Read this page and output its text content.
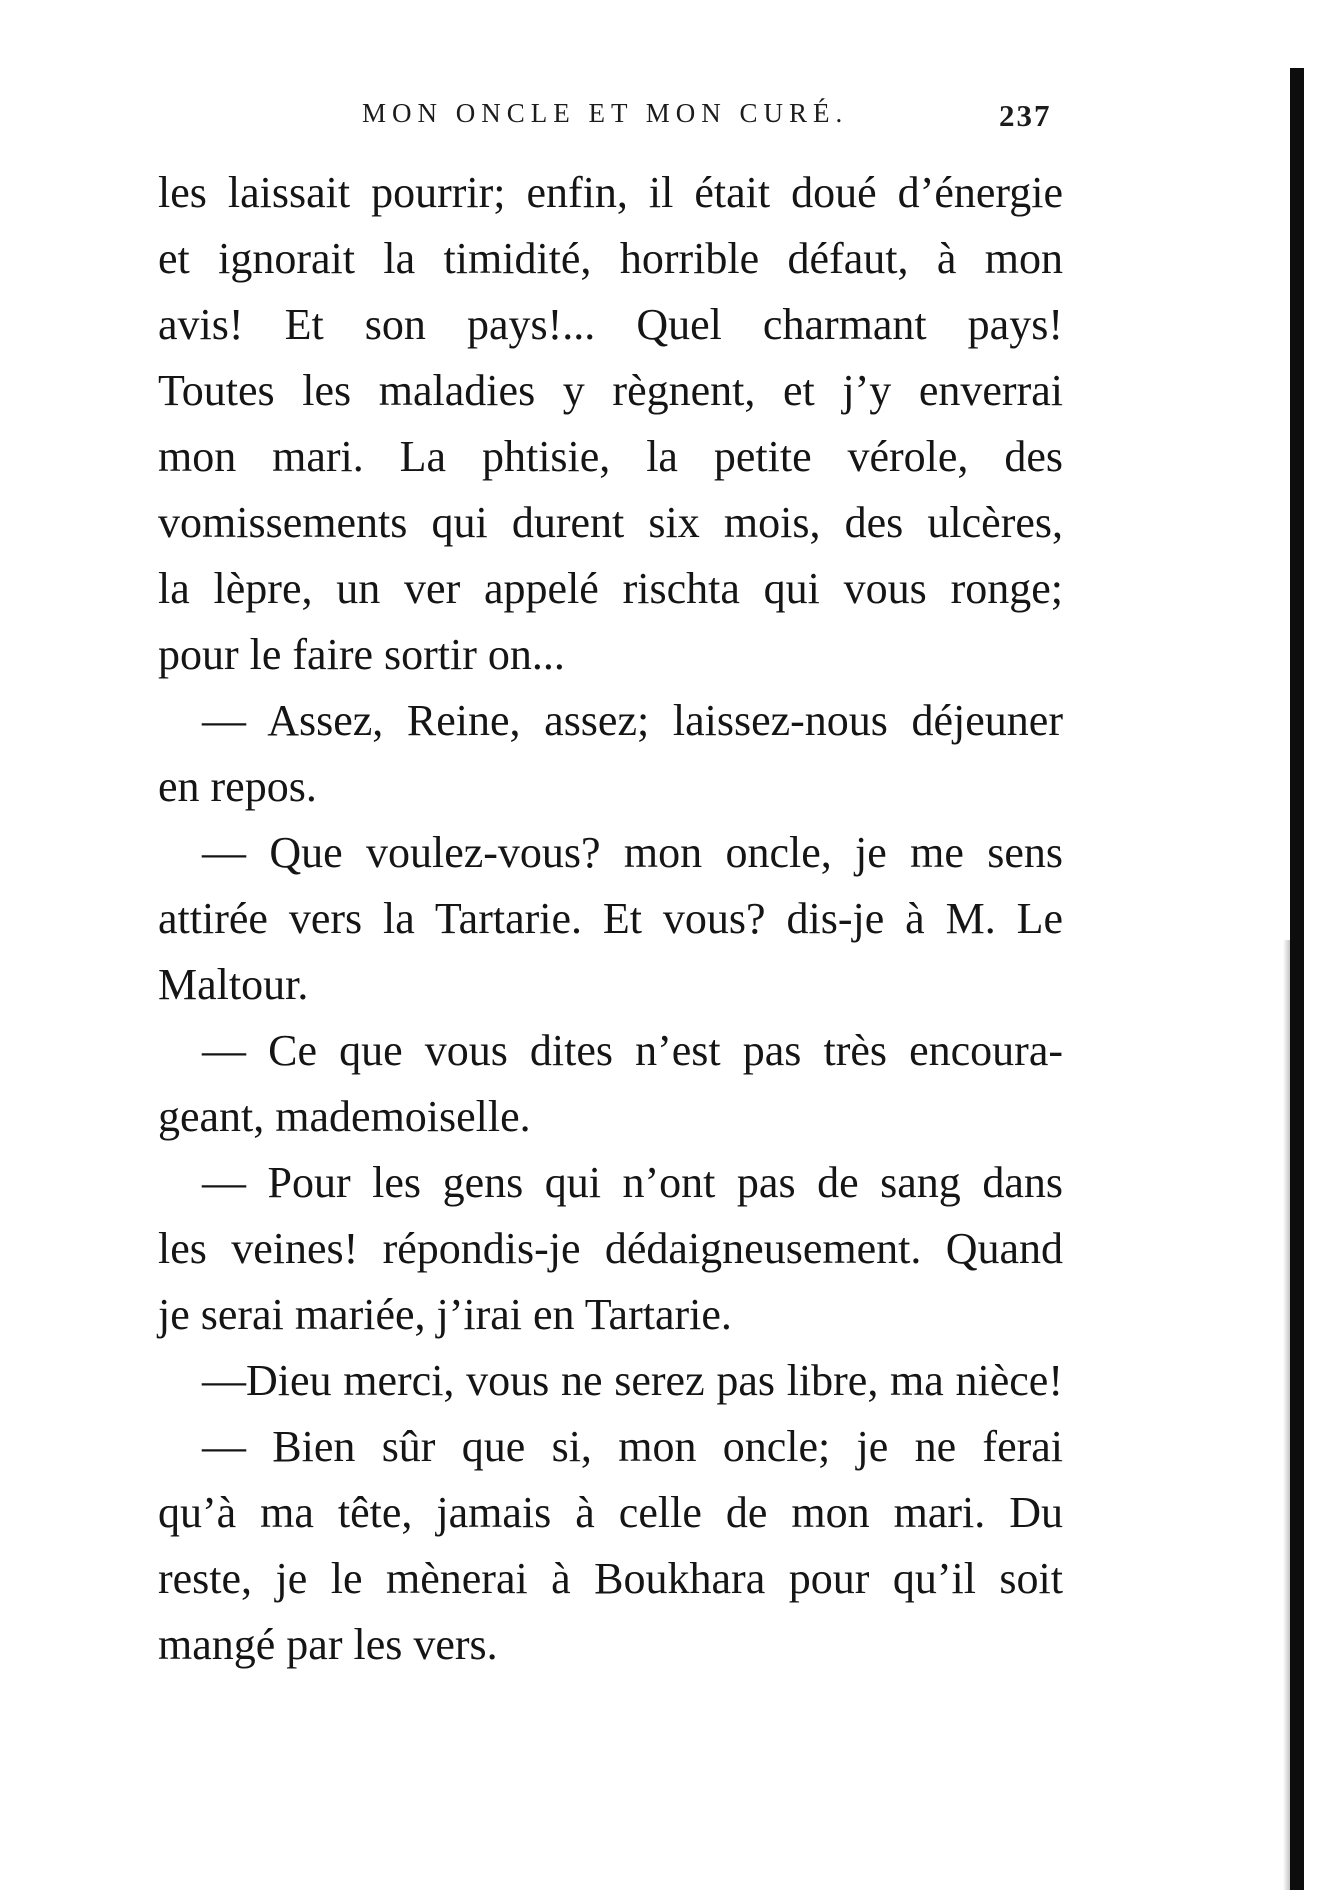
MON ONCLE ET MON CURÉ.	237
les laissait pourrir; enfin, il était doué d’énergie
et ignorait la timidité, horrible défaut, à mon
avis! Et son pays!... Quel charmant pays!
Toutes les maladies y règnent, et j’y enverrai
mon mari. La phtisie, la petite vérole, des
vomissements qui durent six mois, des ulcères,
la lèpre, un ver appelé rischta qui vous ronge;
pour le faire sortir on...
— Assez, Reine, assez; laissez-nous déjeuner
en repos.
— Que voulez-vous? mon oncle, je me sens
attirée vers la Tartarie. Et vous? dis-je à M. Le
Maltour.
— Ce que vous dites n’est pas très encoura-
geant, mademoiselle.
— Pour les gens qui n’ont pas de sang dans
les veines! répondis-je dédaigneusement. Quand
je serai mariée, j’irai en Tartarie.
—Dieu merci, vous ne serez pas libre, ma nièce!
— Bien sûr que si, mon oncle; je ne ferai
qu’à ma tête, jamais à celle de mon mari. Du
reste, je le mènerai à Boukhara pour qu’il soit
mangé par les vers.
